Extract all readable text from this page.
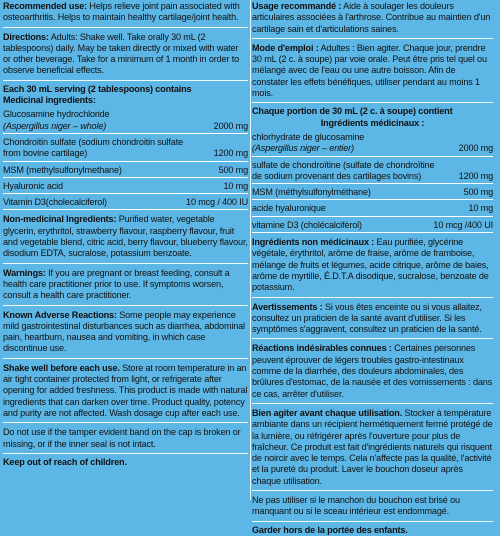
Recommended use: Helps relieve joint pain associated with osteoarthritis. Helps to maintain healthy cartilage/joint health.

Directions: Adults: Shake well. Take orally 30 mL (2 tablespoons) daily. May be taken directly or mixed with water or other beverage. Take for a minimum of 1 month in order to observe beneficial effects.

Each 30 mL serving (2 tablespoons) contains

Medicinal ingredients:

Glucosamine hydrochloride
(Aspergillus niger – whole)	2000 mg
Chondroitin sulfate (sodium chondroitin sulfate
from bovine cartilage)	1200 mg
MSM (methylsulfonylmethane)	500 mg
Hyaluronic acid	10 mg
Vitamin D3(cholecalciferol)	10 mcg / 400 IU

Non-medicinal Ingredients: Purified water, vegetable glycerin, erythritol, strawberry flavour, raspberry flavour, fruit and vegetable blend, citric acid, berry flavour, blueberry flavour, disodium EDTA, sucralose, potassium benzoate.

Warnings: If you are pregnant or breast feeding, consult a health care practitioner prior to use. If symptoms worsen, consult a health care practitioner.

Known Adverse Reactions: Some people may experience mild gastrointestinal disturbances such as diarrhea, abdominal pain, heartburn, nausea and vomiting, in which case discontinue use.

Shake well before each use. Store at room temperature in an air tight container protected from light, or refrigerate after opening for added freshness. This product is made with natural ingredients that can darken over time. Product quality, potency and purity are not affected. Wash dosage cup after each use.

Do not use if the tamper evident band on the cap is broken or missing, or if the inner seal is not intact.

Keep out of reach of children.

Usage recommandé : Aide à soulager les douleurs articulaires associées à l'arthrose. Contribue au maintien d'un cartilage sain et d'articulations saines.

Mode d'emploi : Adultes : Bien agiter. Chaque jour, prendre 30 mL (2 c. à soupe) par voie orale. Peut être pris tel quel ou mélangé avec de l'eau ou une autre boisson. Afin de constater les effets bénéfiques, utiliser pendant au moins 1 mois.

Chaque portion de 30 mL (2 c. à soupe) contient

Ingrédients médicinaux :

chlorhydrate de glucosamine
(Aspergillus niger – entier)	2000 mg
sulfate de chondroïtine (sulfate de chondroïtine
de sodium provenant des cartilages bovins)	1200 mg
MSM (méthylsulfonylméthane)	500 mg
acide hyaluronique	10 mg
vitamine D3 (cholécalciférol)	10 mcg /400 UI

Ingrédients non médicinaux : Eau purifiée, glycérine végétale, érythritol, arôme de fraise, arôme de framboise, mélange de fruits et légumes, acide citrique, arôme de baies, arôme de myrtille, É.D.T.A disodique, sucralose, benzoate de potassium.

Avertissements : Si vous êtes enceinte ou si vous allaitez, consultez un praticien de la santé avant d'utiliser. Si les symptômes s'aggravent, consultez un praticien de la santé.

Réactions indésirables connues : Certaines personnes peuvent éprouver de légers troubles gastro-intestinaux comme de la diarrhée, des douleurs abdominales, des brûlures d'estomac, de la nausée et des vomissements : dans ce cas, arrêter d'utiliser.

Bien agiter avant chaque utilisation. Stocker à température ambiante dans un récipient hermétiquement fermé protégé de la lumière, ou réfrigérer après l'ouverture pour plus de fraîcheur. Ce produit est fait d'ingrédients naturels qui risquent de noircir avec le temps. Cela n'affecte pas la qualité, l'activité et la pureté du produit. Laver le bouchon doseur après chaque utilisation.

Ne pas utiliser si le manchon du bouchon est brisé ou manquant ou si le sceau intérieur est endommagé.

Garder hors de la portée des enfants.
